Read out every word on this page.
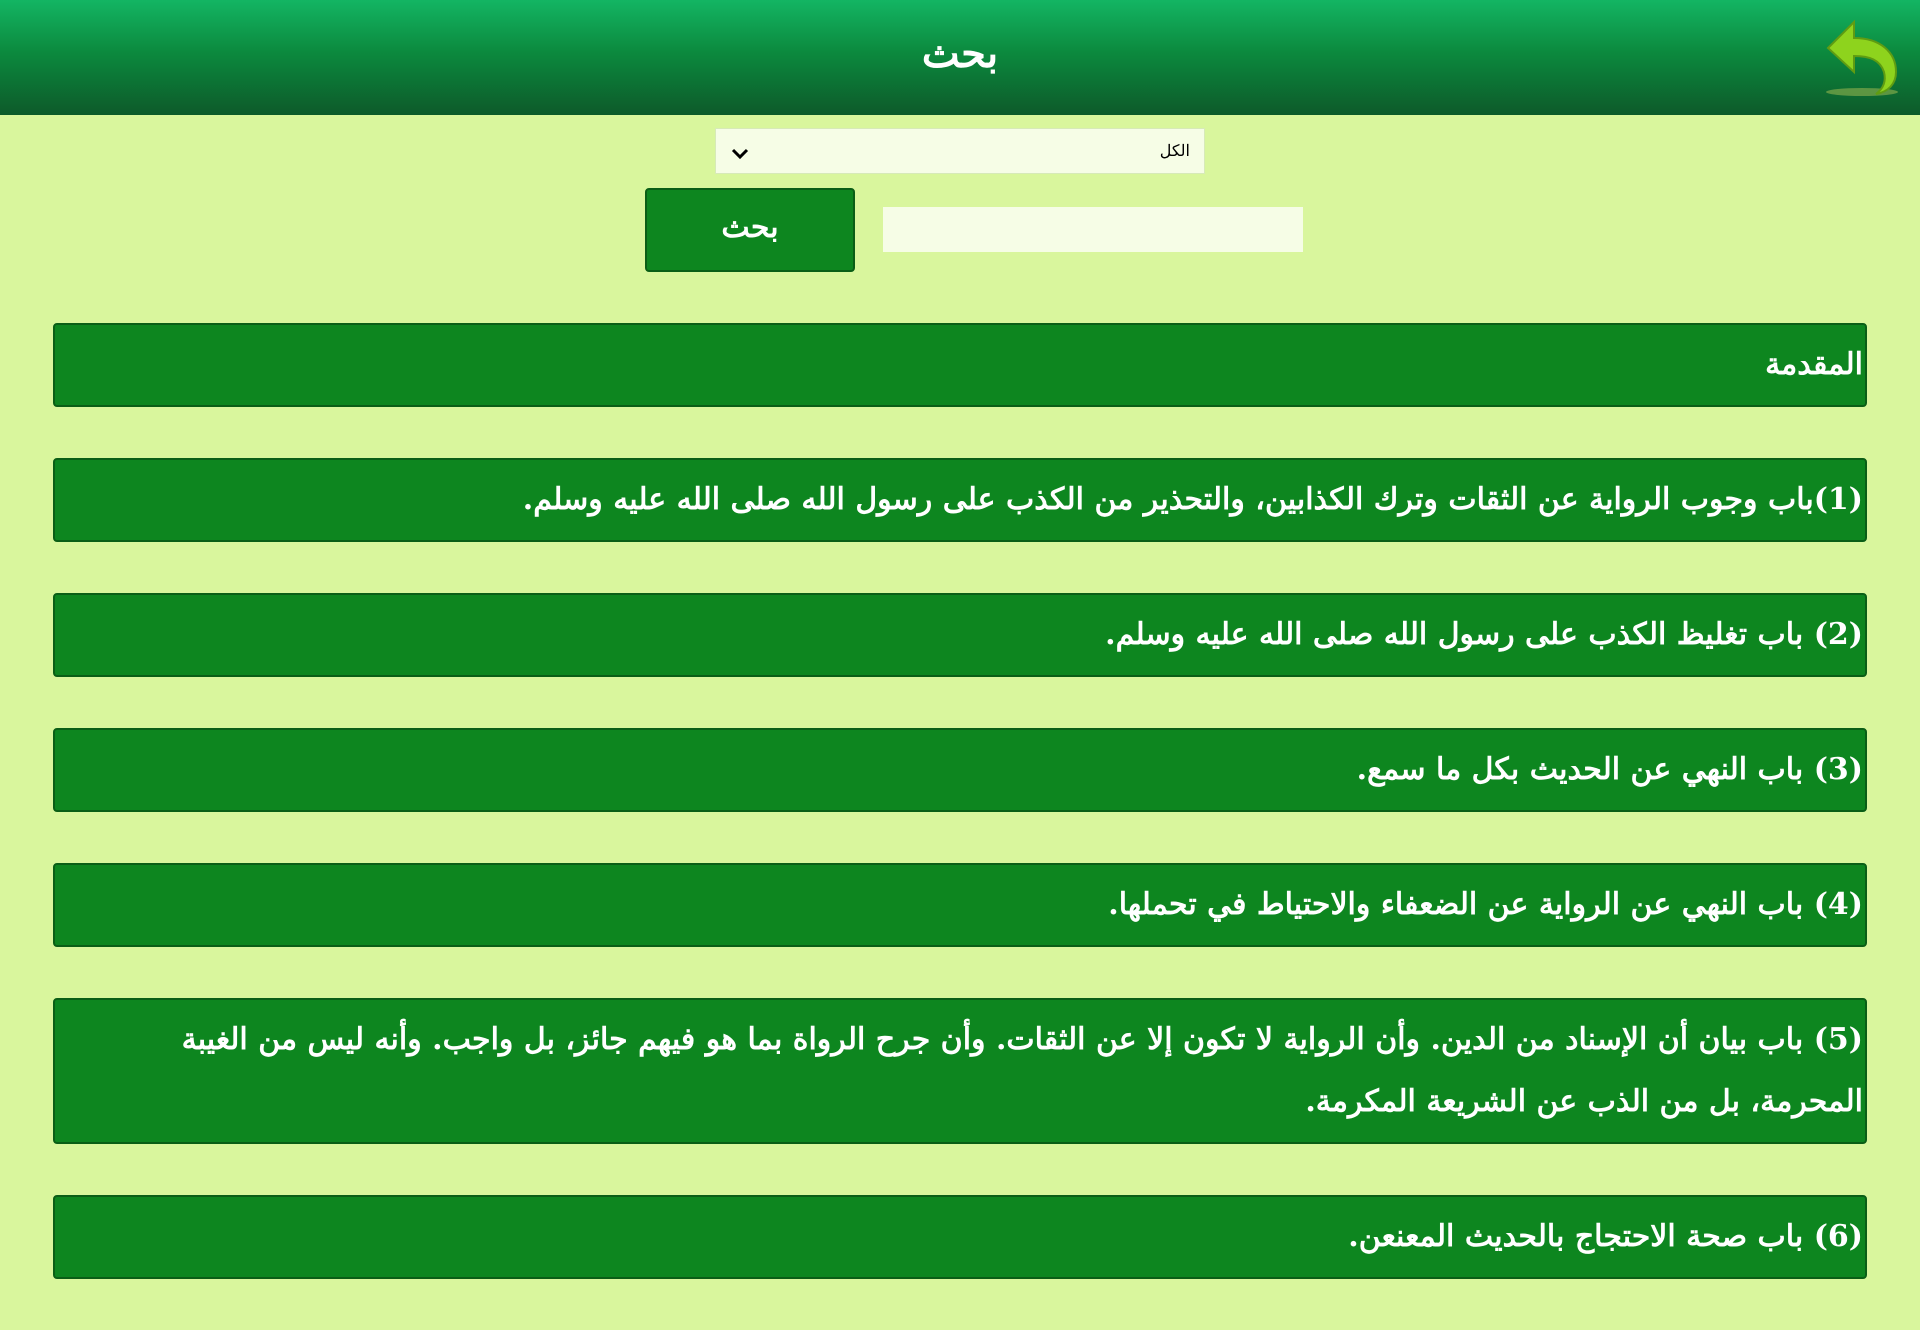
بحث
الكل
بحث
المقدمة
(1)باب وجوب الرواية عن الثقات وترك الكذابين، والتحذير من الكذب على رسول الله صلى الله عليه وسلم.
(2) باب تغليظ الكذب على رسول الله صلى الله عليه وسلم.
(3) باب النهي عن الحديث بكل ما سمع.
(4) باب النهي عن الرواية عن الضعفاء والاحتياط في تحملها.
(5) باب بيان أن الإسناد من الدين. وأن الرواية لا تكون إلا عن الثقات. وأن جرح الرواة بما هو فيهم جائز، بل واجب. وأنه ليس من الغيبة المحرمة، بل من الذب عن الشريعة المكرمة.
(6) باب صحة الاحتجاج بالحديث المعنعن.
